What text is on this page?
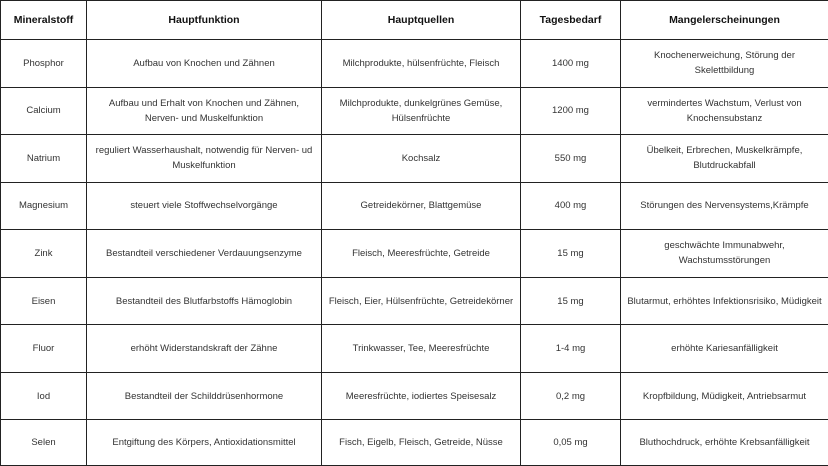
Mineralstoff	Hauptfunktion	Hauptquellen	Tagesbedarf	Mangelerscheinungen
Phosphor	Aufbau von Knochen und Zähnen	Milchprodukte, hülsenfrüchte, Fleisch	1400 mg	Knochenerweichung, Störung der Skelettbildung
Calcium	Aufbau und Erhalt von Knochen und Zähnen, Nerven- und Muskelfunktion	Milchprodukte, dunkelgrünes Gemüse, Hülsenfrüchte	1200 mg	vermindertes Wachstum, Verlust von Knochensubstanz
Natrium	reguliert Wasserhaushalt, notwendig für Nerven- ud Muskelfunktion	Kochsalz	550 mg	Übelkeit, Erbrechen, Muskelkrämpfe, Blutdruckabfall
Magnesium	steuert viele Stoffwechselvorgänge	Getreidekörner, Blattgemüse	400 mg	Störungen des Nervensystems,Krämpfe
Zink	Bestandteil verschiedener Verdauungsenzyme	Fleisch, Meeresfrüchte, Getreide	15 mg	geschwächte Immunabwehr, Wachstumsstörungen
Eisen	Bestandteil des Blutfarbstoffs Hämoglobin	Fleisch, Eier, Hülsenfrüchte, Getreidekörner	15 mg	Blutarmut, erhöhtes Infektionsrisiko, Müdigkeit
Fluor	erhöht Widerstandskraft der Zähne	Trinkwasser, Tee, Meeresfrüchte	1-4 mg	erhöhte Kariesanfälligkeit
Iod	Bestandteil der Schilddrüsenhormone	Meeresfrüchte, iodiertes Speisesalz	0,2 mg	Kropfbildung, Müdigkeit, Antriebsarmut
Selen	Entgiftung des Körpers, Antioxidationsmittel	Fisch, Eigelb, Fleisch, Getreide, Nüsse	0,05 mg	Bluthochdruck, erhöhte Krebsanfälligkeit
